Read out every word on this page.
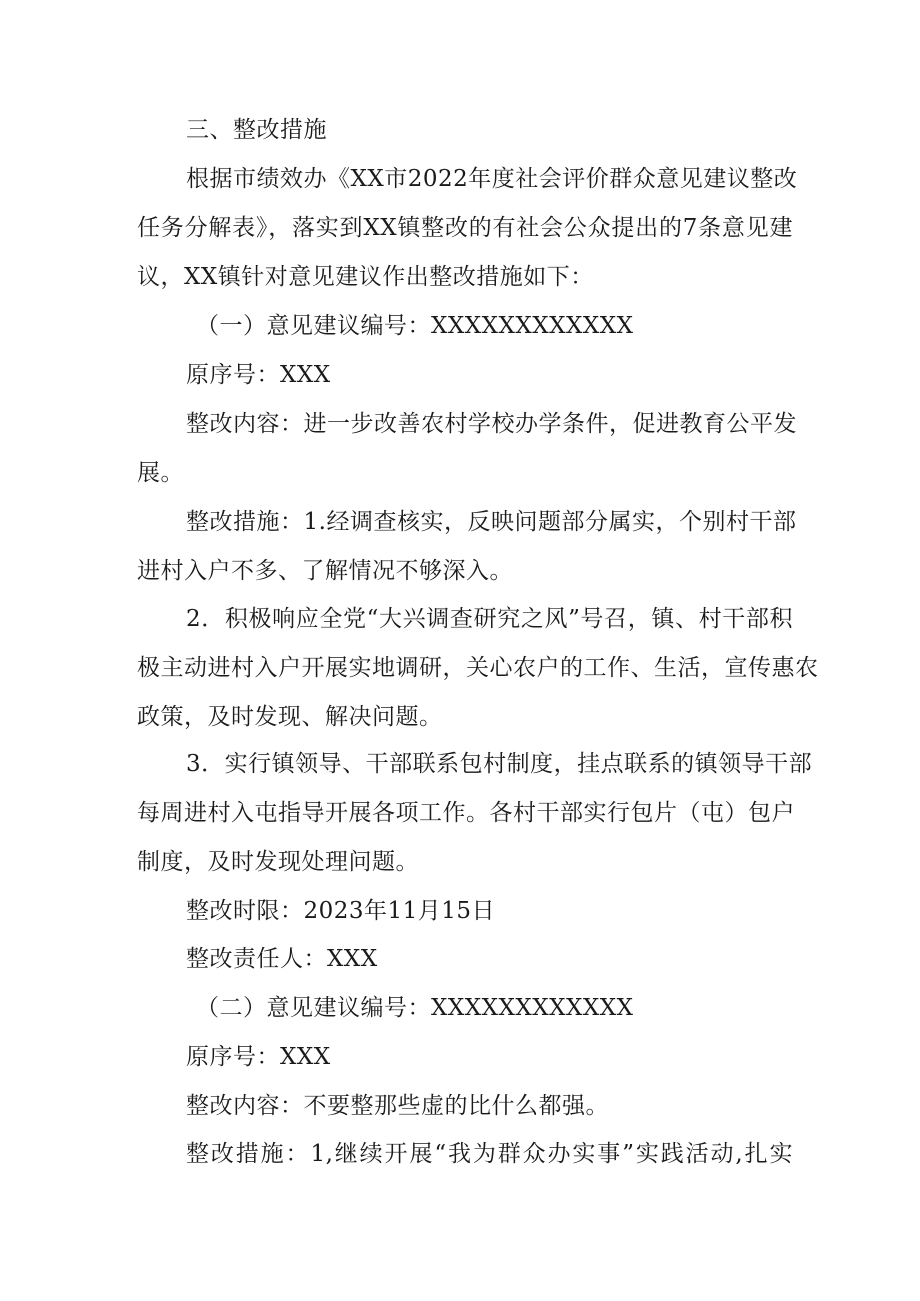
三、整改措施
根据市绩效办《XX市2022年度社会评价群众意见建议整改
任务分解表》，落实到XX镇整改的有社会公众提出的7条意见建
议，XX镇针对意见建议作出整改措施如下：
（一）意见建议编号：XXXXXXXXXXXX
原序号：XXX
整改内容：进一步改善农村学校办学条件，促进教育公平发
展。
整改措施：1.经调查核实，反映问题部分属实，个别村干部
进村入户不多、了解情况不够深入。
2．积极响应全党“大兴调查研究之风”号召，镇、村干部积
极主动进村入户开展实地调研，关心农户的工作、生活，宣传惠农
政策，及时发现、解决问题。
3．实行镇领导、干部联系包村制度，挂点联系的镇领导干部
每周进村入屯指导开展各项工作。各村干部实行包片（屯）包户
制度，及时发现处理问题。
整改时限：2023年11月15日
整改责任人：XXX
（二）意见建议编号：XXXXXXXXXXXX
原序号：XXX
整改内容：不要整那些虚的比什么都强。
整改措施：1,继续开展“我为群众办实事”实践活动,扎实
